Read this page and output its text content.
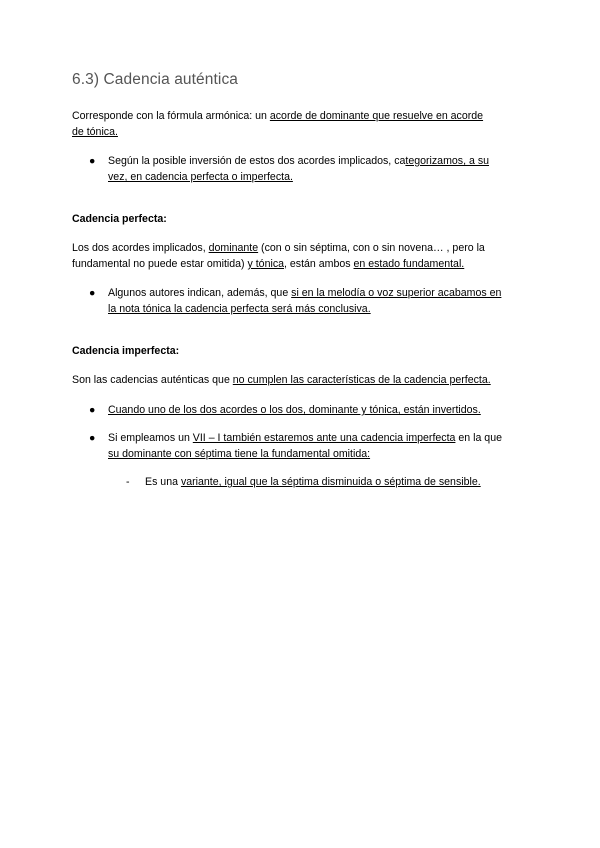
6.3) Cadencia auténtica
Corresponde con la fórmula armónica: un acorde de dominante que resuelve en acorde
de tónica.
● Según la posible inversión de estos dos acordes implicados, categorizamos, a su
vez, en cadencia perfecta o imperfecta.
Cadencia perfecta:
Los dos acordes implicados, dominante (con o sin séptima, con o sin novena… , pero la
fundamental no puede estar omitida) y tónica, están ambos en estado fundamental.
● Algunos autores indican, además, que si en la melodía o voz superior acabamos en
la nota tónica la cadencia perfecta será más conclusiva.
Cadencia imperfecta:
Son las cadencias auténticas que no cumplen las características de la cadencia perfecta.
● Cuando uno de los dos acordes o los dos, dominante y tónica, están invertidos.
● Si empleamos un VII – I también estaremos ante una cadencia imperfecta en la que
su dominante con séptima tiene la fundamental omitida:
- Es una variante, igual que la séptima disminuida o séptima de sensible.
